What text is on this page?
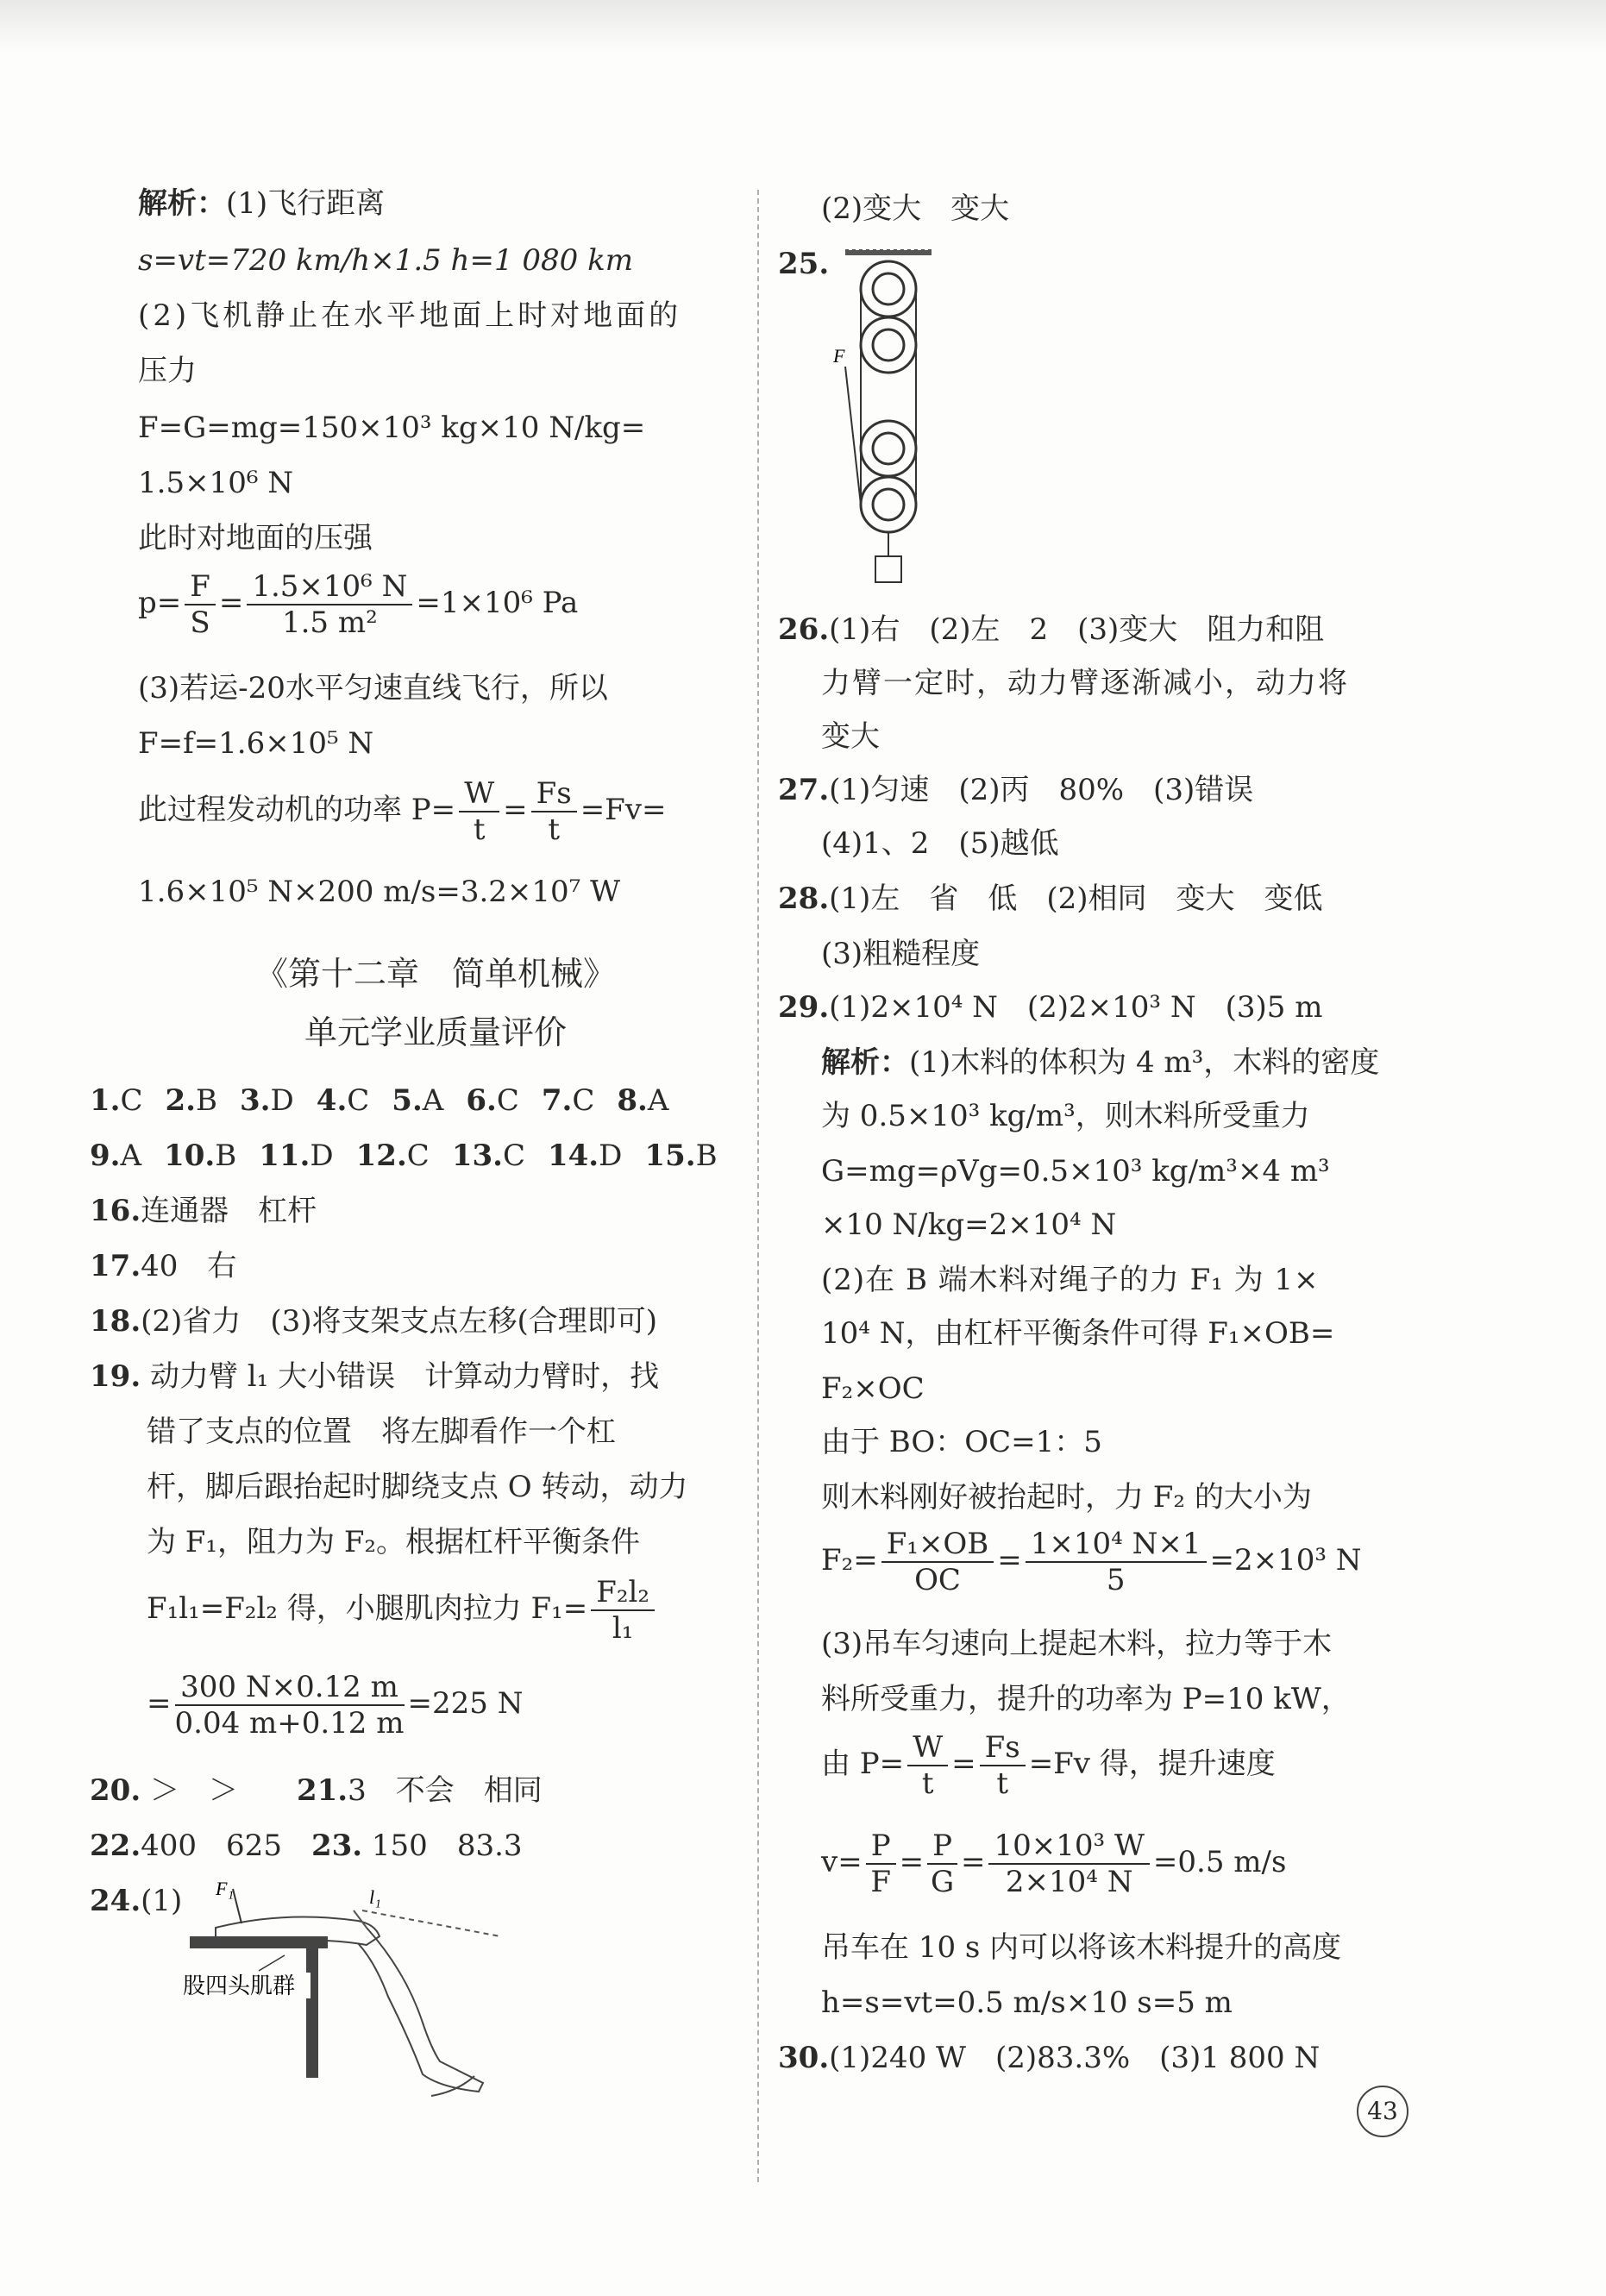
解析：(1)飞行距离
s=vt=720 km/h×1.5 h=1 080 km
(2)飞机静止在水平地面上时对地面的
压力
F=G=mg=150×10³ kg×10 N/kg=
1.5×10⁶ N
此时对地面的压强
$p= \frac{F}{S} = \frac{\text{1.5×10⁶ N}}{\text{1.5 m²}} =1\times 10^6$ Pa
(3)若运-20水平匀速直线飞行，所以
F=f=1.6×10⁵ N
此过程发动机的功率 $P= \frac{W}{t} = \frac{Fs}{t} =Fv=$
1.6×10⁵ N×200 m/s=3.2×10⁷ W
《第十二章　简单机械》
单元学业质量评价
1.C 2.B 3.D 4.C 5.A 6.C 7.C 8.A
9.A 10.B 11.D 12.C 13.C 14.D 15.B
16.连通器　杠杆
17.40　右
18.(2)省力　(3)将支架支点左移(合理即可)
19. 动力臂 l₁ 大小错误　计算动力臂时，找
错了支点的位置　将左脚看作一个杠
杆，脚后跟抬起时脚绕支点 O 转动，动力
为 F₁，阻力为 F₂。根据杠杆平衡条件
F₁l₁=F₂l₂ 得，小腿肌肉拉力 $F_1= \frac{\text{F₂l₂}}{\text{l₁}}$
= $\frac{300 N\times 0.12 m}{0.04 m+0.12 m} =225$ N
20. ＞　＞　　 21.3　不会　相同
22.400　625　 23. 150　83.3
24.(1) F₁	l₁
股四头肌群
(2)变大　变大
25.
F
26.(1)右　(2)左　2　(3)变大　阻力和阻
力臂一定时，动力臂逐渐减小，动力将
变大
27.(1)匀速　(2)丙　80%　(3)错误
(4)1、2　(5)越低
28.(1)左　省　低　(2)相同　变大　变低
(3)粗糙程度
29.(1)2×10⁴ N　(2)2×10³ N　(3)5 m
解析：(1)木料的体积为 4 m³，木料的密度
为 0.5×10³ kg/m³，则木料所受重力
G=mg=ρVg=0.5×10³ kg/m³×4 m³
×10 N/kg=2×10⁴ N
(2)在 B 端木料对绳子的力 F₁ 为 1×
10⁴ N，由杠杆平衡条件可得 F₁×OB=
F₂×OC
由于 BO：OC=1：5
则木料刚好被抬起时，力 F₂ 的大小为
$F_2= \frac{\text{F₁×OB}}{OC} = \frac{\text{1×10⁴ N×1}}{5} =2\times 10^3$ N
(3)吊车匀速向上提起木料，拉力等于木
料所受重力，提升的功率为 P=10 kW，
由 $P= \frac{W}{t} = \frac{Fs}{t} =Fv$ 得，提升速度
$v= \frac{P}{F} = \frac{P}{G} = \frac{\text{10×10³ W}}{\text{2×10⁴ N}} =0.5$ m/s
吊车在 10 s 内可以将该木料提升的高度
h=s=vt=0.5 m/s×10 s=5 m
30.(1)240 W　(2)83.3%　(3)1 800 N
43
